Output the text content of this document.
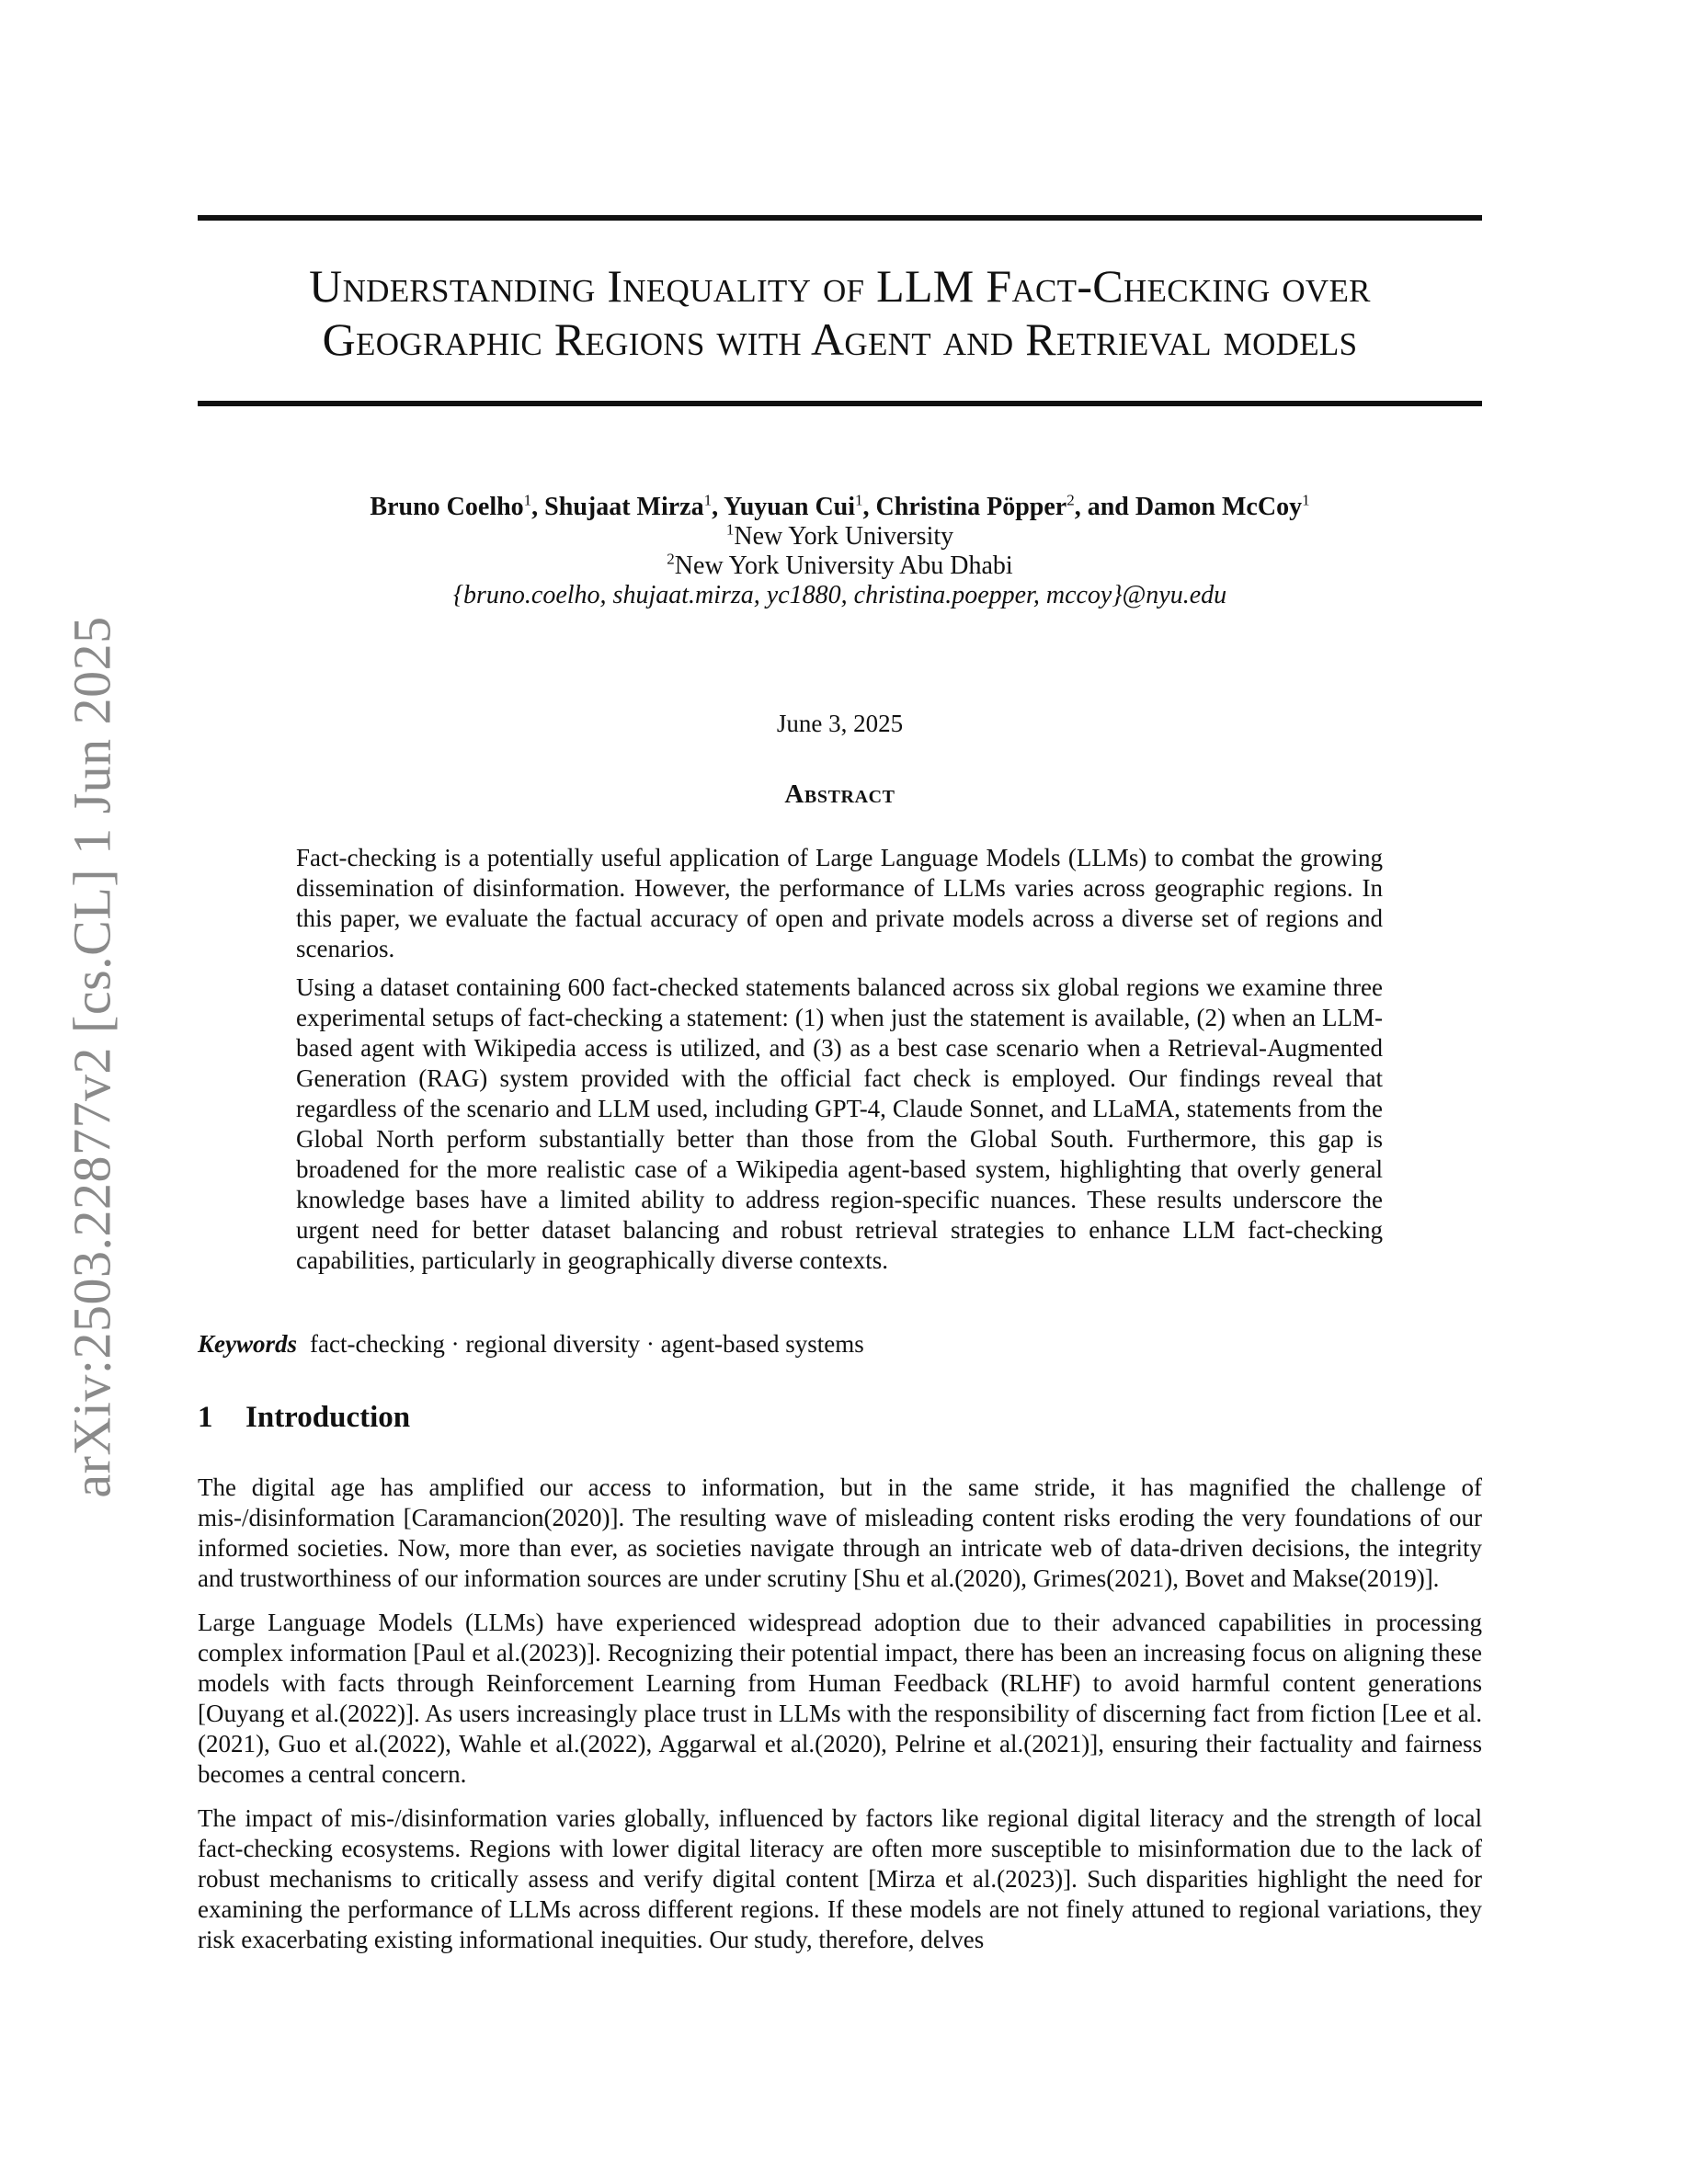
arXiv:2503.22877v2 [cs.CL] 1 Jun 2025
Understanding Inequality of LLM Fact-Checking over
Geographic Regions with Agent and Retrieval models
Bruno Coelho$^1$, Shujaat Mirza$^1$, Yuyuan Cui$^1$, Christina Pöpper$^2$, and Damon McCoy$^1$
$^1$New York University
$^2$New York University Abu Dhabi
{bruno.coelho, shujaat.mirza, yc1880, christina.poepper, mccoy}@nyu.edu
June 3, 2025
Abstract

Fact-checking is a potentially useful application of Large Language Models (LLMs) to combat the growing dissemination of disinformation. However, the performance of LLMs varies across geographic regions. In this paper, we evaluate the factual accuracy of open and private models across a diverse set of regions and scenarios.

Using a dataset containing 600 fact-checked statements balanced across six global regions we examine three experimental setups of fact-checking a statement: (1) when just the statement is available, (2) when an LLM-based agent with Wikipedia access is utilized, and (3) as a best case scenario when a Retrieval-Augmented Generation (RAG) system provided with the official fact check is employed. Our findings reveal that regardless of the scenario and LLM used, including GPT-4, Claude Sonnet, and LLaMA, statements from the Global North perform substantially better than those from the Global South. Furthermore, this gap is broadened for the more realistic case of a Wikipedia agent-based system, highlighting that overly general knowledge bases have a limited ability to address region-specific nuances. These results underscore the urgent need for better dataset balancing and robust retrieval strategies to enhance LLM fact-checking capabilities, particularly in geographically diverse contexts.

Keywords fact-checking · regional diversity · agent-based systems
1 Introduction

The digital age has amplified our access to information, but in the same stride, it has magnified the challenge of mis-/disinformation [Caramancion(2020)]. The resulting wave of misleading content risks eroding the very foundations of our informed societies. Now, more than ever, as societies navigate through an intricate web of data-driven decisions, the integrity and trustworthiness of our information sources are under scrutiny [Shu et al.(2020), Grimes(2021), Bovet and Makse(2019)].

Large Language Models (LLMs) have experienced widespread adoption due to their advanced capabilities in processing complex information [Paul et al.(2023)]. Recognizing their potential impact, there has been an increasing focus on aligning these models with facts through Reinforcement Learning from Human Feedback (RLHF) to avoid harmful content generations [Ouyang et al.(2022)]. As users increasingly place trust in LLMs with the responsibility of discerning fact from fiction [Lee et al.(2021), Guo et al.(2022), Wahle et al.(2022), Aggarwal et al.(2020), Pelrine et al.(2021)], ensuring their factuality and fairness becomes a central concern.

The impact of mis-/disinformation varies globally, influenced by factors like regional digital literacy and the strength of local fact-checking ecosystems. Regions with lower digital literacy are often more susceptible to misinformation due to the lack of robust mechanisms to critically assess and verify digital content [Mirza et al.(2023)]. Such disparities highlight the need for examining the performance of LLMs across different regions. If these models are not finely attuned to regional variations, they risk exacerbating existing informational inequities. Our study, therefore, delves
